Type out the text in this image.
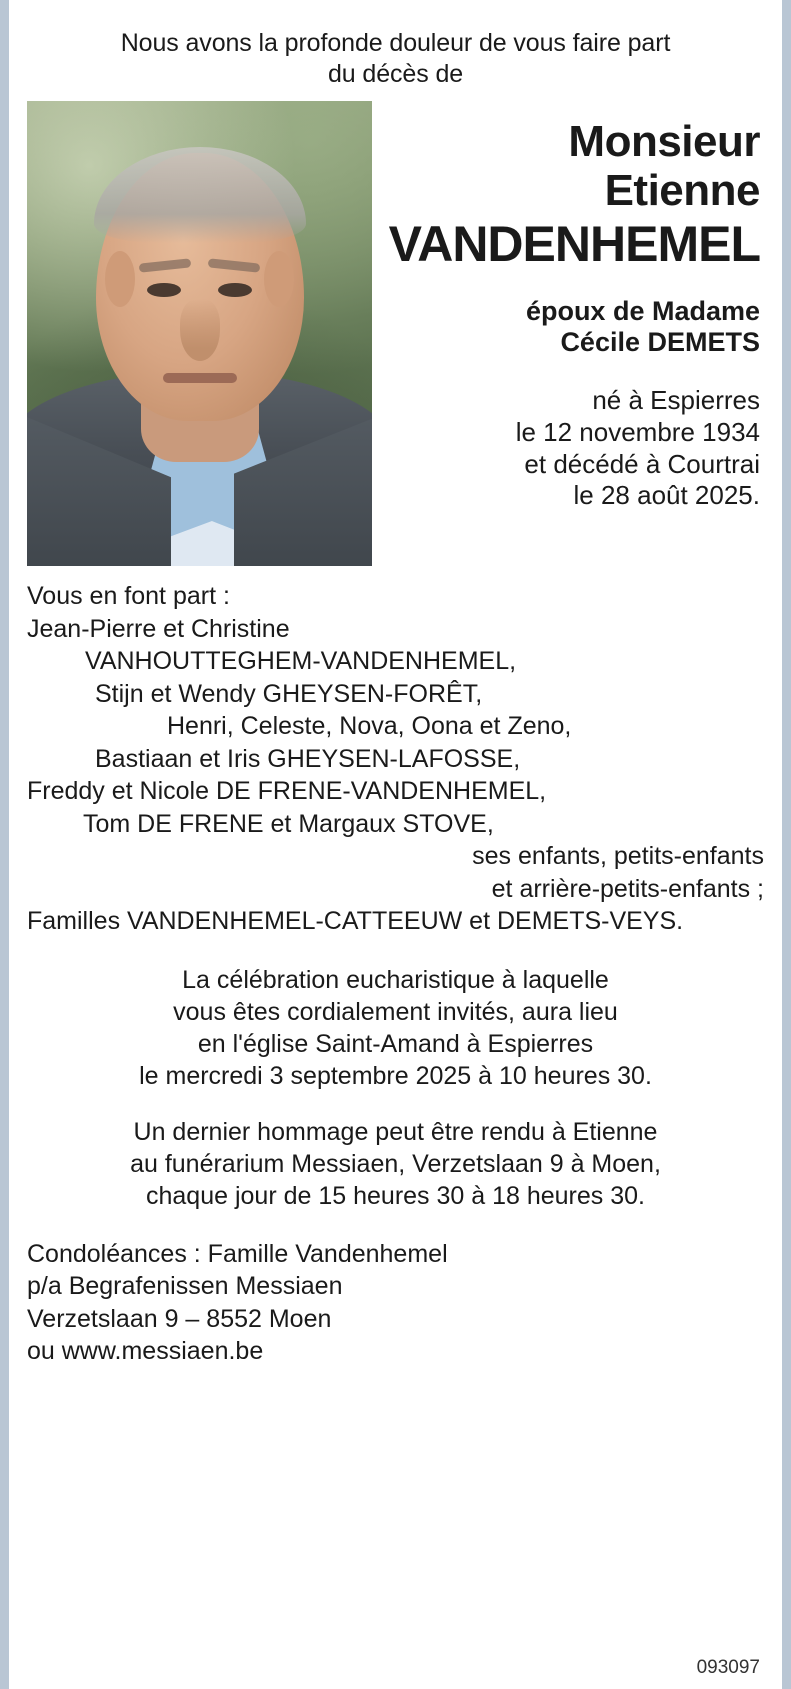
Nous avons la profonde douleur de vous faire part
du décès de
Monsieur
Etienne
VANDENHEMEL
époux de Madame
Cécile DEMETS
né à Espierres
le 12 novembre 1934
et décédé à Courtrai
le 28 août 2025.
Vous en font part :
Jean-Pierre et Christine
VANHOUTTEGHEM-VANDENHEMEL,
Stijn et Wendy GHEYSEN-FORÊT,
Henri, Celeste, Nova, Oona et Zeno,
Bastiaan et Iris GHEYSEN-LAFOSSE,
Freddy et Nicole DE FRENE-VANDENHEMEL,
Tom DE FRENE et Margaux STOVE,
ses enfants, petits-enfants
et arrière-petits-enfants ;
Familles VANDENHEMEL-CATTEEUW et DEMETS-VEYS.
La célébration eucharistique à laquelle
vous êtes cordialement invités, aura lieu
en l'église Saint-Amand à Espierres
le mercredi 3 septembre 2025 à 10 heures 30.
Un dernier hommage peut être rendu à Etienne
au funérarium Messiaen, Verzetslaan 9 à Moen,
chaque jour de 15 heures 30 à 18 heures 30.
Condoléances : Famille Vandenhemel
p/a Begrafenissen Messiaen
Verzetslaan 9 – 8552 Moen
ou www.messiaen.be
093097
